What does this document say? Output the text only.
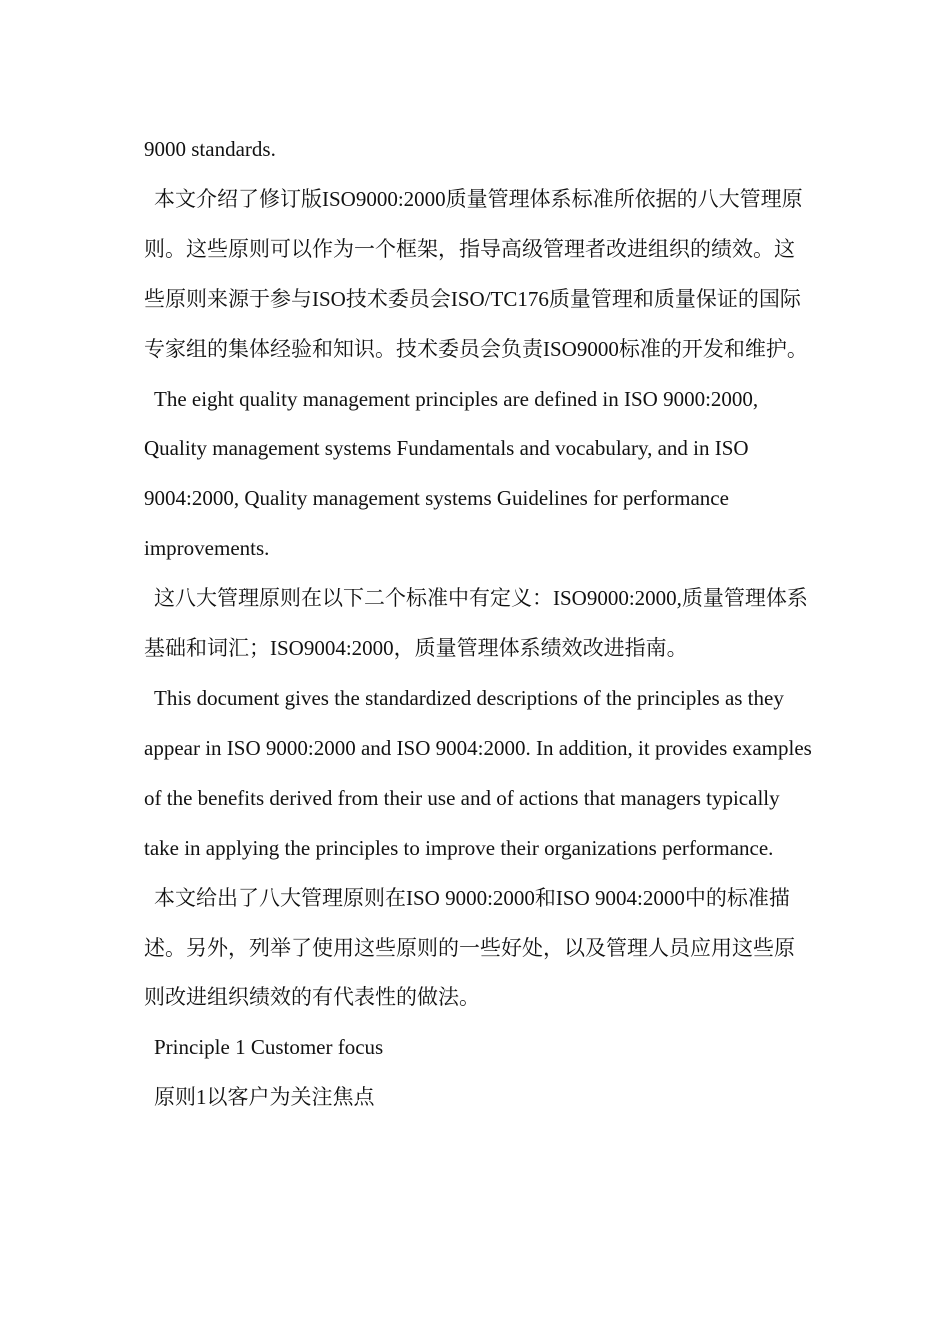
9000 standards.

本文介绍了修订版ISO9000:2000质量管理体系标准所依据的八大管理原则。这些原则可以作为一个框架，指导高级管理者改进组织的绩效。这些原则来源于参与ISO技术委员会ISO/TC176质量管理和质量保证的国际专家组的集体经验和知识。技术委员会负责ISO9000标准的开发和维护。

The eight quality management principles are defined in ISO 9000:2000, Quality management systems Fundamentals and vocabulary, and in ISO 9004:2000, Quality management systems Guidelines for performance improvements.

这八大管理原则在以下二个标准中有定义：ISO9000:2000,质量管理体系基础和词汇；ISO9004:2000，质量管理体系绩效改进指南。

This document gives the standardized descriptions of the principles as they appear in ISO 9000:2000 and ISO 9004:2000. In addition, it provides examples of the benefits derived from their use and of actions that managers typically take in applying the principles to improve their organizations performance.

本文给出了八大管理原则在ISO 9000:2000和ISO 9004:2000中的标准描述。另外，列举了使用这些原则的一些好处，以及管理人员应用这些原则改进组织绩效的有代表性的做法。

Principle 1 Customer focus

原则1以客户为关注焦点
